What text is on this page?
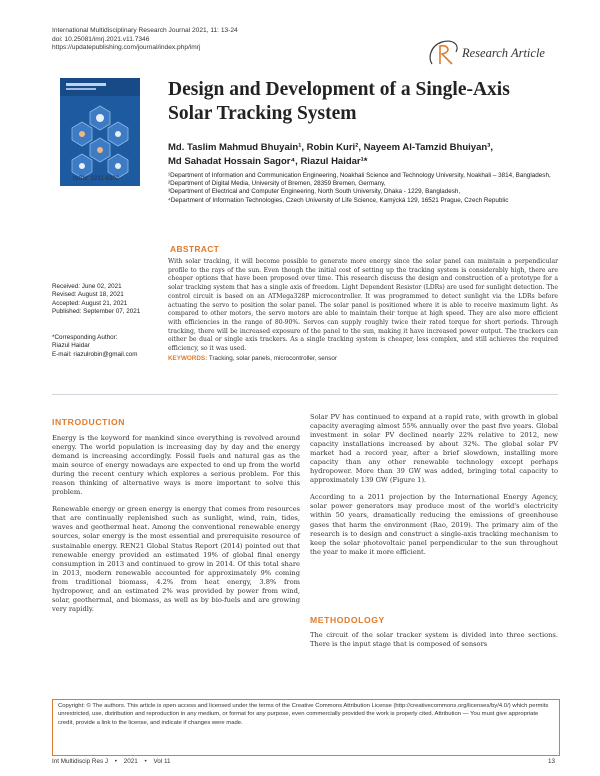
International Multidisciplinary Research Journal 2021, 11: 13-24
doi: 10.25081/imrj.2021.v11.7346
https://updatepublishing.com/journal/index.php/imrj	Research Article
ISSN: 2231-6302
Design and Development of a Single-Axis Solar Tracking System
Md. Taslim Mahmud Bhuyain¹, Robin Kuri², Nayeem Al-Tamzid Bhuiyan³,
Md Sahadat Hossain Sagor⁴, Riazul Haidar¹*

¹Department of Information and Communication Engineering, Noakhali Science and Technology University, Noakhali – 3814, Bangladesh, ²Department of Digital Media, University of Bremen, 28359 Bremen, Germany,

³Department of Electrical and Computer Engineering, North South University, Dhaka - 1229, Bangladesh,

⁴Department of Information Technologies, Czech University of Life Science, Kamýcká 129, 16521 Prague, Czech Republic

ABSTRACT
With solar tracking, it will become possible to generate more energy since the solar panel can maintain a perpendicular profile to the rays of the sun. Even though the initial cost of setting up the tracking system is considerably high, there are cheaper options that have been proposed over time. This research discuss the design and construction of a prototype for a solar tracking system that has a single axis of freedom. Light Dependent Resistor (LDRs) are used for sunlight detection. The control circuit is based on an ATMega328P microcontroller. It was programmed to detect sunlight via the LDRs before actuating the servo to position the solar panel. The solar panel is positioned where it is able to receive maximum light. As compared to other motors, the servo motors are able to maintain their torque at high speed. They are also more efficient with efficiencies in the range of 80-90%. Servos can supply roughly twice their rated torque for short periods. Through tracking, there will be increased exposure of the panel to the sun, making it have increased power output. The trackers can either be dual or single axis trackers. As a single tracking system is cheaper, less complex, and still achieves the required efficiency, so it was used.
KEYWORDS: Tracking, solar panels, microcontroller, sensor
Received: June 02, 2021
Revised: August 18, 2021
Accepted: August 21, 2021
Published: September 07, 2021
*Corresponding Author:
Riazul Haidar
E-mail: riazulrobin@gmail.com
INTRODUCTION

Energy is the keyword for mankind since everything is revolved around energy. The world population is increasing day by day and the energy demand is increasing accordingly. Fossil fuels and natural gas as the main source of energy nowadays are expected to end up from the world during the recent century which explores a serious problem. For this reason thinking of alternative ways is more important to solve this problem.

Renewable energy or green energy is energy that comes from resources that are continually replenished such as sunlight, wind, rain, tides, waves and geothermal heat. Among the conventional renewable energy sources, solar energy is the most essential and prerequisite resource of sustainable energy. REN21 Global Status Report (2014) pointed out that renewable energy provided an estimated 19% of global final energy consumption in 2013 and continued to grow in 2014. Of this total share in 2013, modern renewable accounted for approximately 9% coming from traditional biomass, 4.2% from heat energy, 3.8% from hydropower, and an estimated 2% was provided by power from wind, solar, geothermal, and biomass, as well as by bio-fuels and are growing very rapidly.

Solar PV has continued to expand at a rapid rate, with growth in global capacity averaging almost 55% annually over the past five years. Global investment in solar PV declined nearly 22% relative to 2012, new capacity installations increased by about 32%. The global solar PV market had a record year, after a brief slowdown, installing more capacity than any other renewable technology except perhaps hydropower. More than 39 GW was added, bringing total capacity to approximately 139 GW (Figure 1).

According to a 2011 projection by the International Energy Agency, solar power generators may produce most of the world's electricity within 50 years, dramatically reducing the emissions of greenhouse gases that harm the environment (Rao, 2019). The primary aim of the research is to design and construct a single-axis tracking mechanism to keep the solar photovoltaic panel perpendicular to the sun throughout the year to make it more efficient.

METHODOLOGY

The circuit of the solar tracker system is divided into three sections. There is the input stage that is composed of sensors

Copyright: © The authors. This article is open access and licensed under the terms of the Creative Commons Attribution License (http://creativecommons.org/licenses/by/4.0/) which permits unrestricted, use, distribution and reproduction in any medium, or format for any purpose, even commercially provided the work is properly cited. Attribution — You must give appropriate credit, provide a link to the license, and indicate if changes were made.
Int Multidiscip Res J • 2021 • Vol 11	13
